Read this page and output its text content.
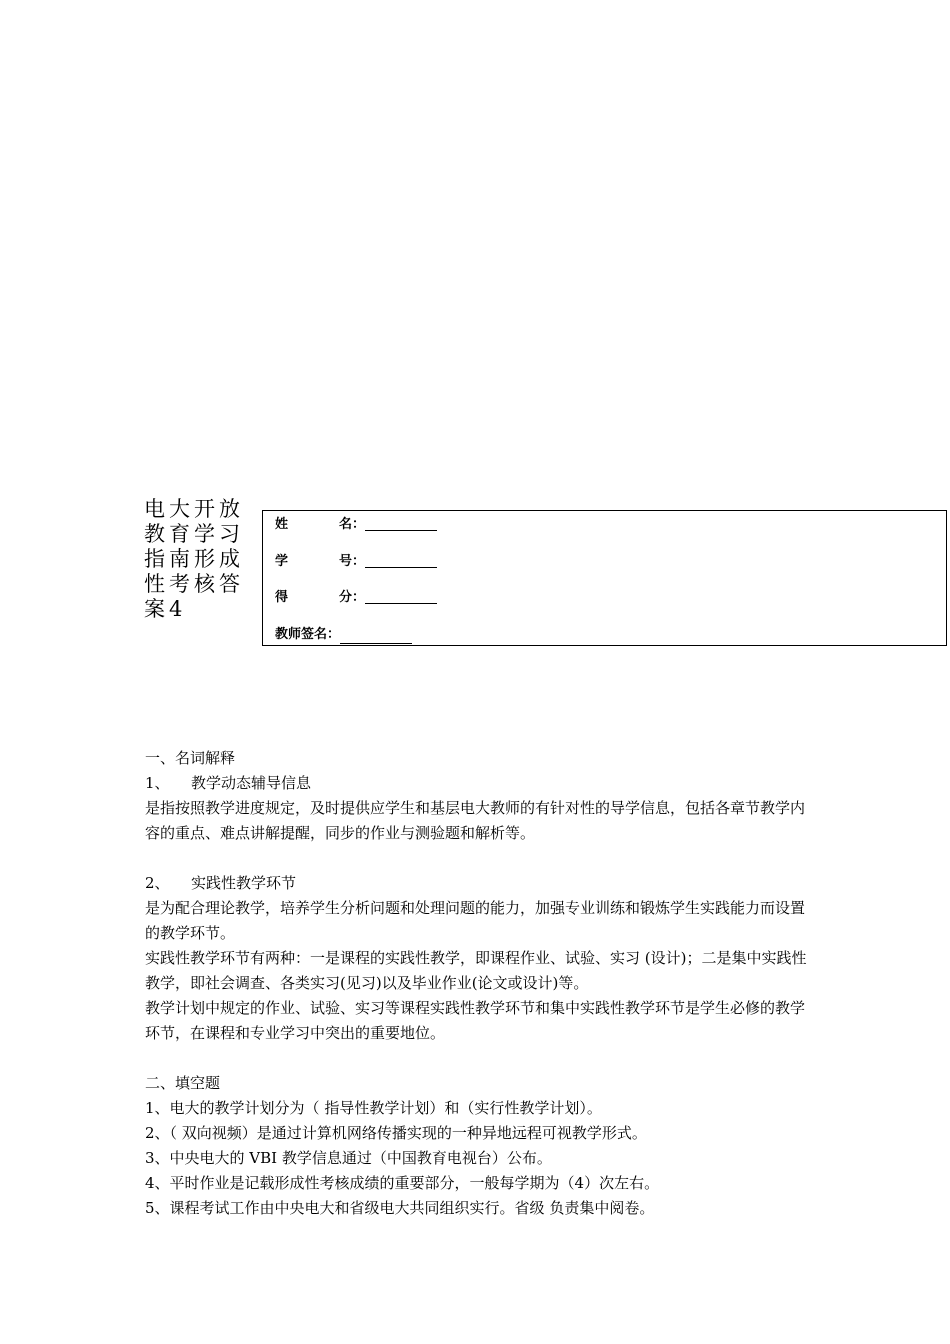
电大开放教育学习指南形成性考核答案4
姓	名：
学	号：
得	分：
教师签名：

一、名词解释

1、 教学动态辅导信息

是指按照教学进度规定，及时提供应学生和基层电大教师的有针对性的导学信息，包括各章节教学内容的重点、难点讲解提醒，同步的作业与测验题和解析等。

2、 实践性教学环节

是为配合理论教学，培养学生分析问题和处理问题的能力，加强专业训练和锻炼学生实践能力而设置的教学环节。

实践性教学环节有两种：一是课程的实践性教学，即课程作业、试验、实习 (设计)；二是集中实践性教学，即社会调查、各类实习(见习)以及毕业作业(论文或设计)等。

教学计划中规定的作业、试验、实习等课程实践性教学环节和集中实践性教学环节是学生必修的教学环节，在课程和专业学习中突出的重要地位。

二、填空题

1、电大的教学计划分为（ 指导性教学计划）和（实行性教学计划）。

2、（ 双向视频）是通过计算机网络传播实现的一种异地远程可视教学形式。

3、中央电大的 VBI 教学信息通过（中国教育电视台）公布。

4、平时作业是记载形成性考核成绩的重要部分，一般每学期为（4）次左右。

5、课程考试工作由中央电大和省级电大共同组织实行。省级 负责集中阅卷。
